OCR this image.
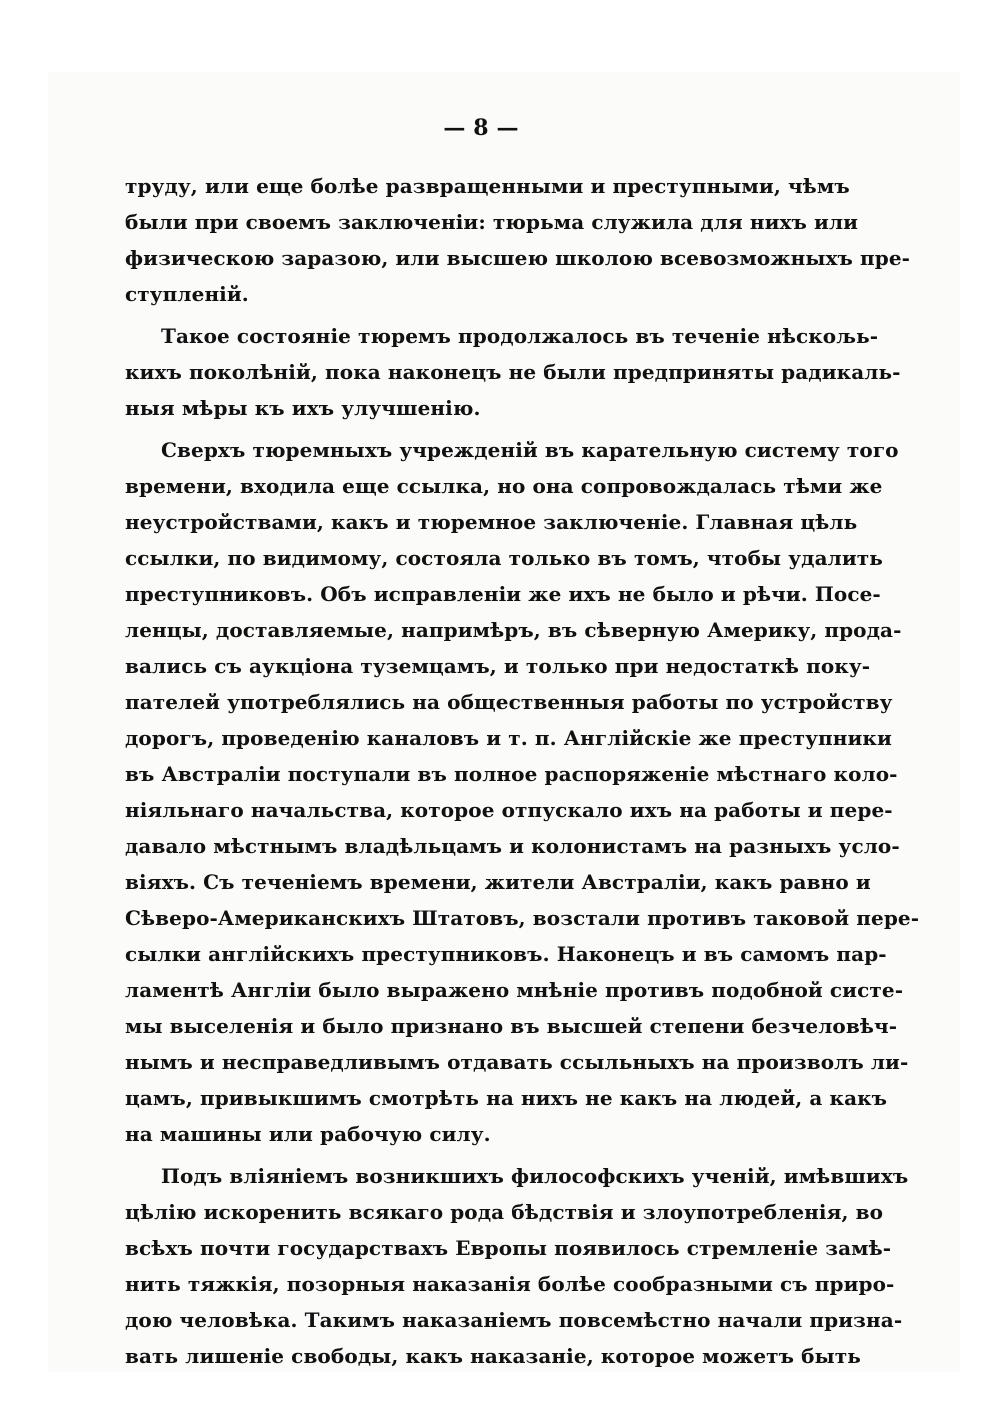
— 8 —
труду, или еще болѣе развращенными и преступными, чѣмъ
были при своемъ заключеніи: тюрьма служила для нихъ или
физическою заразою, или высшею школою всевозможныхъ пре-
ступленій.
Такое состояніе тюремъ продолжалось въ теченіе нѣскољь-
кихъ поколѣній, пока наконецъ не были предприняты радикаль-
ныя мѣры къ ихъ улучшенію.
Сверхъ тюремныхъ учрежденій въ карательную систему того
времени, входила еще ссылка, но она сопровождалась тѣми же
неустройствами, какъ и тюремное заключеніе. Главная цѣль
ссылки, по видимому, состояла только въ томъ, чтобы удалить
преступниковъ. Объ исправленіи же ихъ не было и рѣчи. Посе-
ленцы, доставляемые, напримѣръ, въ сѣверную Америку, прода-
вались съ аукціона туземцамъ, и только при недостаткѣ поку-
пателей употреблялись на общественныя работы по устройству
дорогъ, проведенію каналовъ и т. п. Англійскіе же преступники
въ Австраліи поступали въ полное распоряженіе мѣстнаго коло-
ніяльнаго начальства, которое отпускало ихъ на работы и пере-
давало мѣстнымъ владѣльцамъ и колонистамъ на разныхъ усло-
віяхъ. Съ теченіемъ времени, жители Австраліи, какъ равно и
Сѣверо-Американскихъ Штатовъ, возстали противъ таковой пере-
сылки англійскихъ преступниковъ. Наконецъ и въ самомъ пар-
ламентѣ Англіи было выражено мнѣніе противъ подобной систе-
мы выселенія и было признано въ высшей степени безчеловѣч-
нымъ и несправедливымъ отдавать ссыльныхъ на произволъ ли-
цамъ, привыкшимъ смотрѣть на нихъ не какъ на людей, а какъ
на машины или рабочую силу.
Подъ вліяніемъ возникшихъ философскихъ ученій, имѣвшихъ
цѣлію искоренить всякаго рода бѣдствія и злоупотребленія, во
всѣхъ почти государствахъ Европы появилось стремленіе замѣ-
нить тяжкія, позорныя наказанія болѣе сообразными съ приро-
дою человѣка. Такимъ наказаніемъ повсемѣстно начали призна-
вать лишеніе свободы, какъ наказаніе, которое можетъ быть
